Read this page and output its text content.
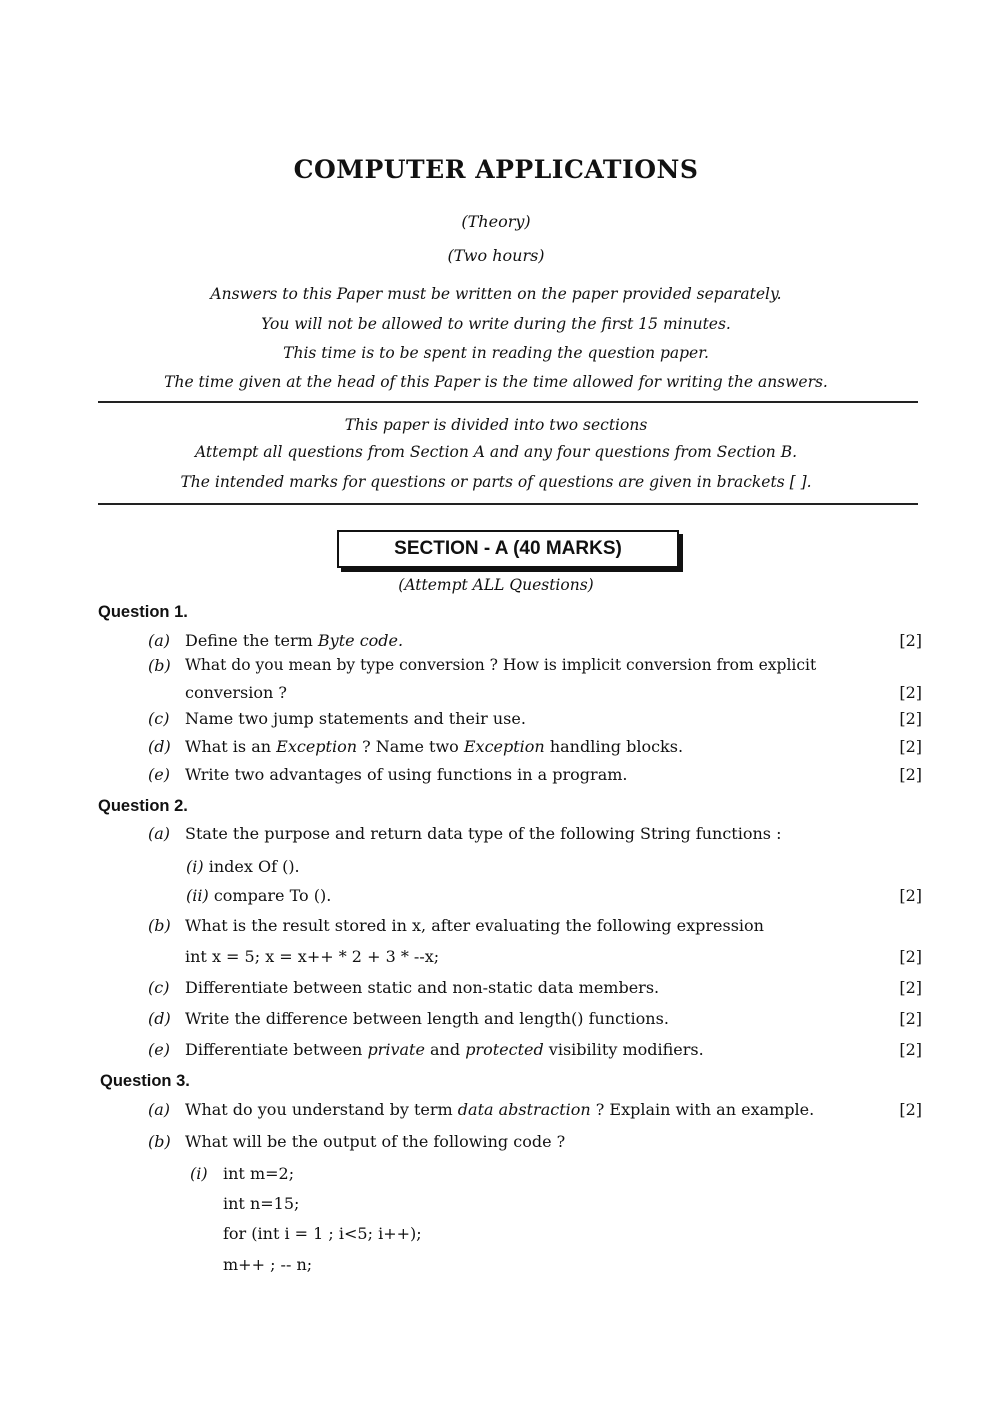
COMPUTER APPLICATIONS
(Theory)
(Two hours)
Answers to this Paper must be written on the paper provided separately.
You will not be allowed to write during the first 15 minutes.
This time is to be spent in reading the question paper.
The time given at the head of this Paper is the time allowed for writing the answers.
This paper is divided into two sections
Attempt all questions from Section A and any four questions from Section B.
The intended marks for questions or parts of questions are given in brackets [ ].
SECTION - A (40 MARKS)
(Attempt ALL Questions)
Question 1.
(a) Define the term Byte code.	[2]
(b) What do you mean by type conversion ? How is implicit conversion from explicit
conversion ?	[2]
(c) Name two jump statements and their use.	[2]
(d) What is an Exception ? Name two Exception handling blocks.	[2]
(e) Write two advantages of using functions in a program.	[2]
Question 2.
(a) State the purpose and return data type of the following String functions :
(i) index Of ().
(ii) compare To ().	[2]
(b) What is the result stored in x, after evaluating the following expression
int x = 5; x = x++ * 2 + 3 * --x;	[2]
(c) Differentiate between static and non-static data members.	[2]
(d) Write the difference between length and length() functions.	[2]
(e) Differentiate between private and protected visibility modifiers.	[2]
Question 3.
(a) What do you understand by term data abstraction ? Explain with an example.	[2]
(b) What will be the output of the following code ?
(i) int m=2;
int n=15;
for (int i = 1 ; i<5; i++);
m++ ; -- n;
